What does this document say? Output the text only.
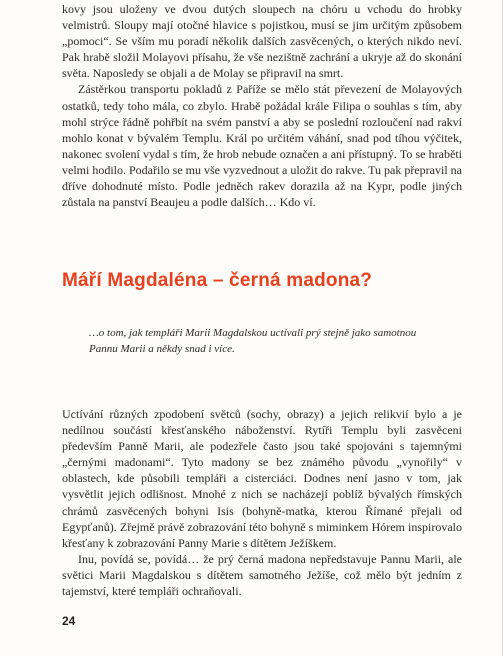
kovy jsou uloženy ve dvou dutých sloupech na chóru u vchodu do hrobky velmistrů. Sloupy mají otočné hlavice s pojistkou, musí se jim určitým způsobem „pomoci“. Se vším mu poradí několik dalších zasvěcených, o kterých nikdo neví. Pak hrabě složil Molayovi přísahu, že vše nezištně zachrání a ukryje až do skonání světa. Naposledy se objali a de Molay se připravil na smrt.

Zástěrkou transportu pokladů z Paříže se mělo stát převezení de Molayových ostatků, tedy toho mála, co zbylo. Hrabě požádal krále Filipa o souhlas s tím, aby mohl strýce řádně pohřbít na svém panství a aby se poslední rozloučení nad rakví mohlo konat v bývalém Templu. Král po určitém váhání, snad pod tíhou výčitek, nakonec svolení vydal s tím, že hrob nebude označen a ani přístupný. To se hraběti velmi hodilo. Podařilo se mu vše vyzvednout a uložit do rakve. Tu pak přepravil na dříve dohodnuté místo. Podle jedněch rakev dorazila až na Kypr, podle jiných zůstala na panství Beaujeu a podle dalších… Kdo ví.

Máří Magdaléna – černá madona?

…o tom, jak templáři Marii Magdalskou uctívali prý stejně jako samotnou Pannu Marii a někdy snad i více.

Uctívání různých zpodobení světců (sochy, obrazy) a jejich relikvií bylo a je nedílnou součástí křesťanského náboženství. Rytíři Templu byli zasvěceni především Panně Marii, ale podezřele často jsou také spojováni s tajemnými „černými madonami“. Tyto madony se bez známého původu „vynořily“ v oblastech, kde působili templáři a cisterciáci. Dodnes není jasno v tom, jak vysvětlit jejich odlišnost. Mnohé z nich se nacházejí poblíž bývalých římských chrámů zasvěcených bohyni Isis (bohyně-matka, kterou Římané přejali od Egypťanů). Zřejmě právě zobrazování této bohyně s miminkem Hórem inspirovalo křesťany k zobrazování Panny Marie s dítětem Ježíškem.

Inu, povídá se, povídá… že prý černá madona nepředstavuje Pannu Marii, ale světici Marii Magdalskou s dítětem samotného Ježíše, což mělo být jedním z tajemství, které templáři ochraňovali.

24
